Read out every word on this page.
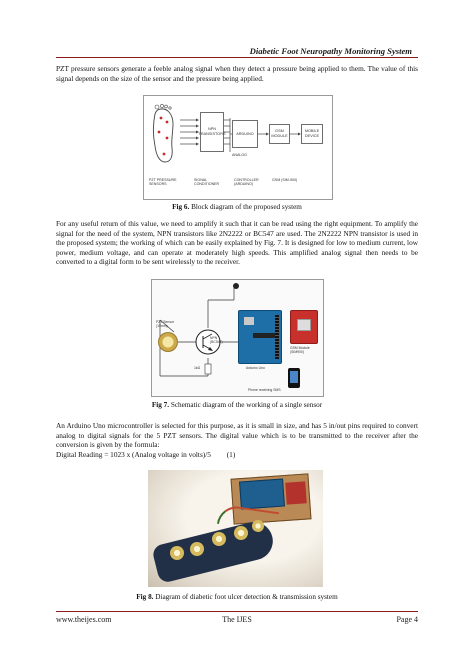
Diabetic Foot Neuropathy Monitoring System

PZT pressure sensors generate a feeble analog signal when they detect a pressure being applied to them. The value of this signal depends on the size of the sensor and the pressure being applied.

NPN TRANSISTORS	ARDUINO
GSM MODULE
MOBILE DEVICE
ANALOG
PZT PRESSURE SENSORS
SIGNAL CONDITIONER
CONTROLLER (ARDUINO)
GSM (SIM-900)

Fig 6. Block diagram of the proposed system

For any useful return of this value, we need to amplify it such that it can be read using the right equipment. To amplify the signal for the need of the system, NPN transistors like 2N2222 or BC547 are used. The 2N2222 NPN transistor is used in the proposed system; the working of which can be easily explained by Fig. 7. It is designed for low to medium current, low power, medium voltage, and can operate at moderately high speeds. This amplified analog signal then needs to be converted to a digital form to be sent wirelessly to the receiver.

PZT Sensor (15mm)
NPN (BC547)
1kΩ	Arduino Uno
GSM Module (SIM900)
Phone receiving SMS

Fig 7. Schematic diagram of the working of a single sensor

An Arduino Uno microcontroller is selected for this purpose, as it is small in size, and has 5 in/out pins required to convert analog to digital signals for the 5 PZT sensors. The digital value which is to be transmitted to the receiver after the conversion is given by the formula:

Digital Reading = 1023 x (Analog voltage in volts)/5 (1)

Fig 8. Diagram of diabetic foot ulcer detection & transmission system

www.theijes.com	The IJES	Page 4
